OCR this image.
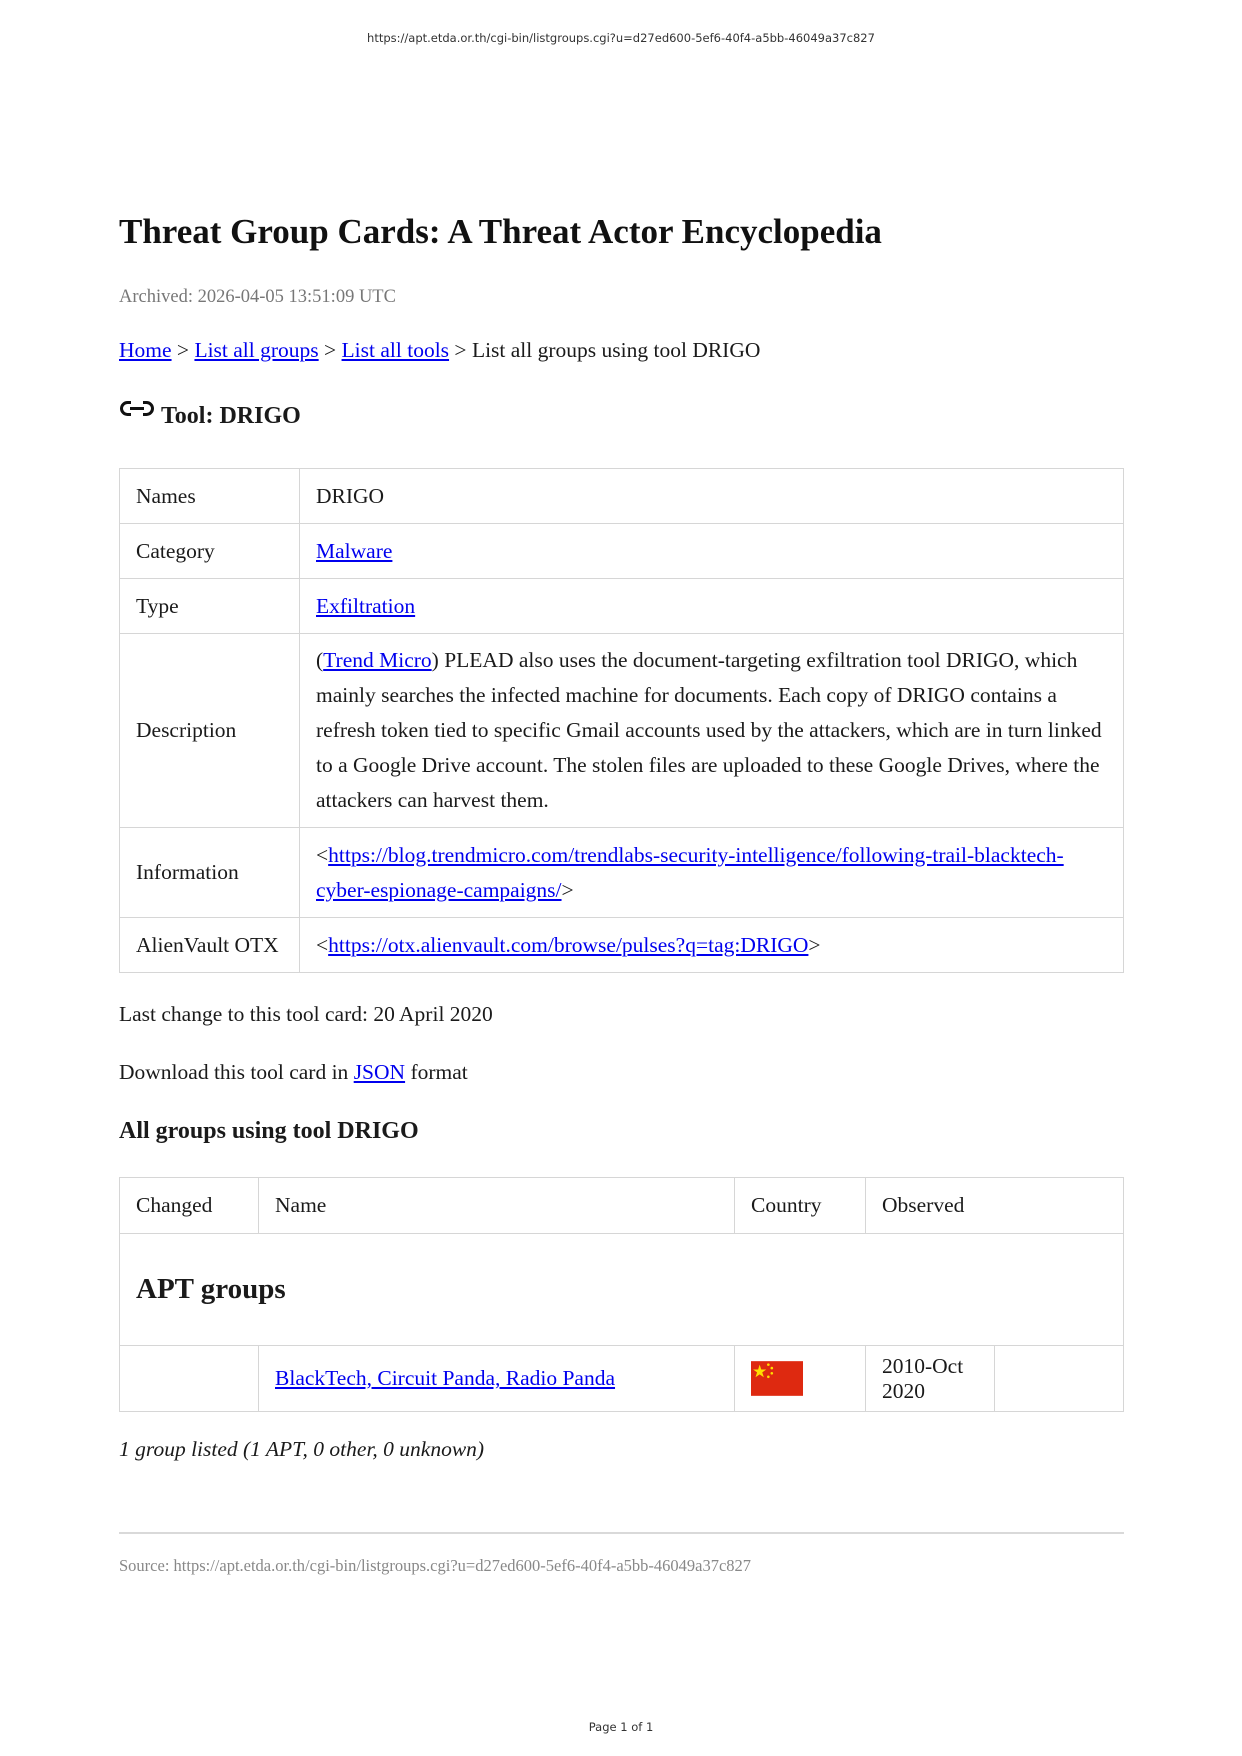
https://apt.etda.or.th/cgi-bin/listgroups.cgi?u=d27ed600-5ef6-40f4-a5bb-46049a37c827
Threat Group Cards: A Threat Actor Encyclopedia
Archived: 2026-04-05 13:51:09 UTC
Home > List all groups > List all tools > List all groups using tool DRIGO
Tool: DRIGO
Names	DRIGO
Category	Malware
Type	Exfiltration
Description	(Trend Micro) PLEAD also uses the document-targeting exfiltration tool DRIGO, which mainly searches the infected machine for documents. Each copy of DRIGO contains a refresh token tied to specific Gmail accounts used by the attackers, which are in turn linked to a Google Drive account. The stolen files are uploaded to these Google Drives, where the attackers can harvest them.
Information	<https://blog.trendmicro.com/trendlabs-security-intelligence/following-trail-blacktech-cyber-espionage-campaigns/>
AlienVault OTX	<https://otx.alienvault.com/browse/pulses?q=tag:DRIGO>
Last change to this tool card: 20 April 2020
Download this tool card in JSON format
All groups using tool DRIGO
Changed	Name	Country	Observed	
APT groups				
	BlackTech, Circuit Panda, Radio Panda		2010-Oct 2020	
1 group listed (1 APT, 0 other, 0 unknown)
Source: https://apt.etda.or.th/cgi-bin/listgroups.cgi?u=d27ed600-5ef6-40f4-a5bb-46049a37c827
Page 1 of 1
